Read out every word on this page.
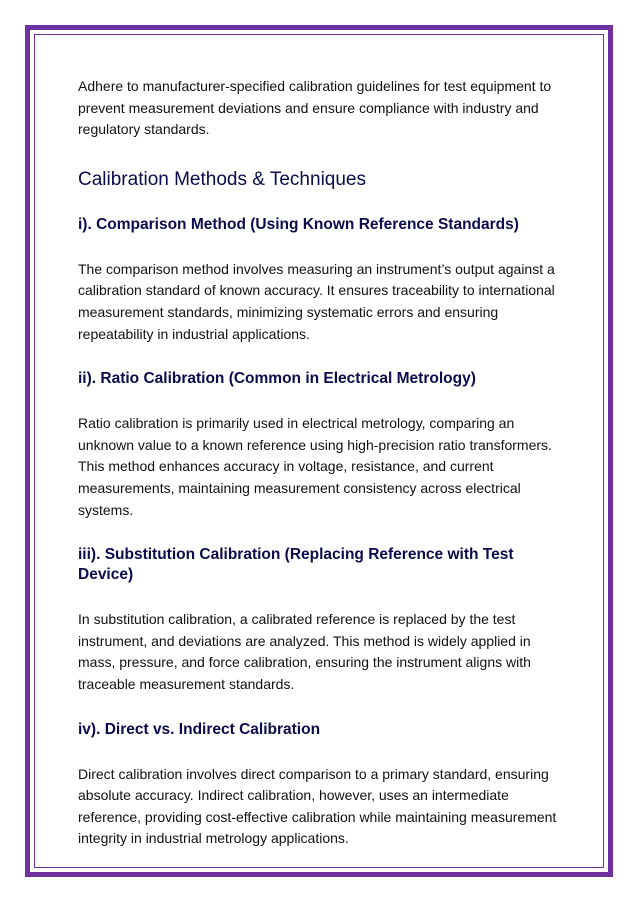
Adhere to manufacturer-specified calibration guidelines for test equipment to prevent measurement deviations and ensure compliance with industry and regulatory standards.

Calibration Methods & Techniques
i). Comparison Method (Using Known Reference Standards)

The comparison method involves measuring an instrument’s output against a calibration standard of known accuracy. It ensures traceability to international measurement standards, minimizing systematic errors and ensuring repeatability in industrial applications.

ii). Ratio Calibration (Common in Electrical Metrology)

Ratio calibration is primarily used in electrical metrology, comparing an unknown value to a known reference using high-precision ratio transformers. This method enhances accuracy in voltage, resistance, and current measurements, maintaining measurement consistency across electrical systems.

iii). Substitution Calibration (Replacing Reference with Test Device)

In substitution calibration, a calibrated reference is replaced by the test instrument, and deviations are analyzed. This method is widely applied in mass, pressure, and force calibration, ensuring the instrument aligns with traceable measurement standards.

iv). Direct vs. Indirect Calibration

Direct calibration involves direct comparison to a primary standard, ensuring absolute accuracy. Indirect calibration, however, uses an intermediate reference, providing cost-effective calibration while maintaining measurement integrity in industrial metrology applications.
